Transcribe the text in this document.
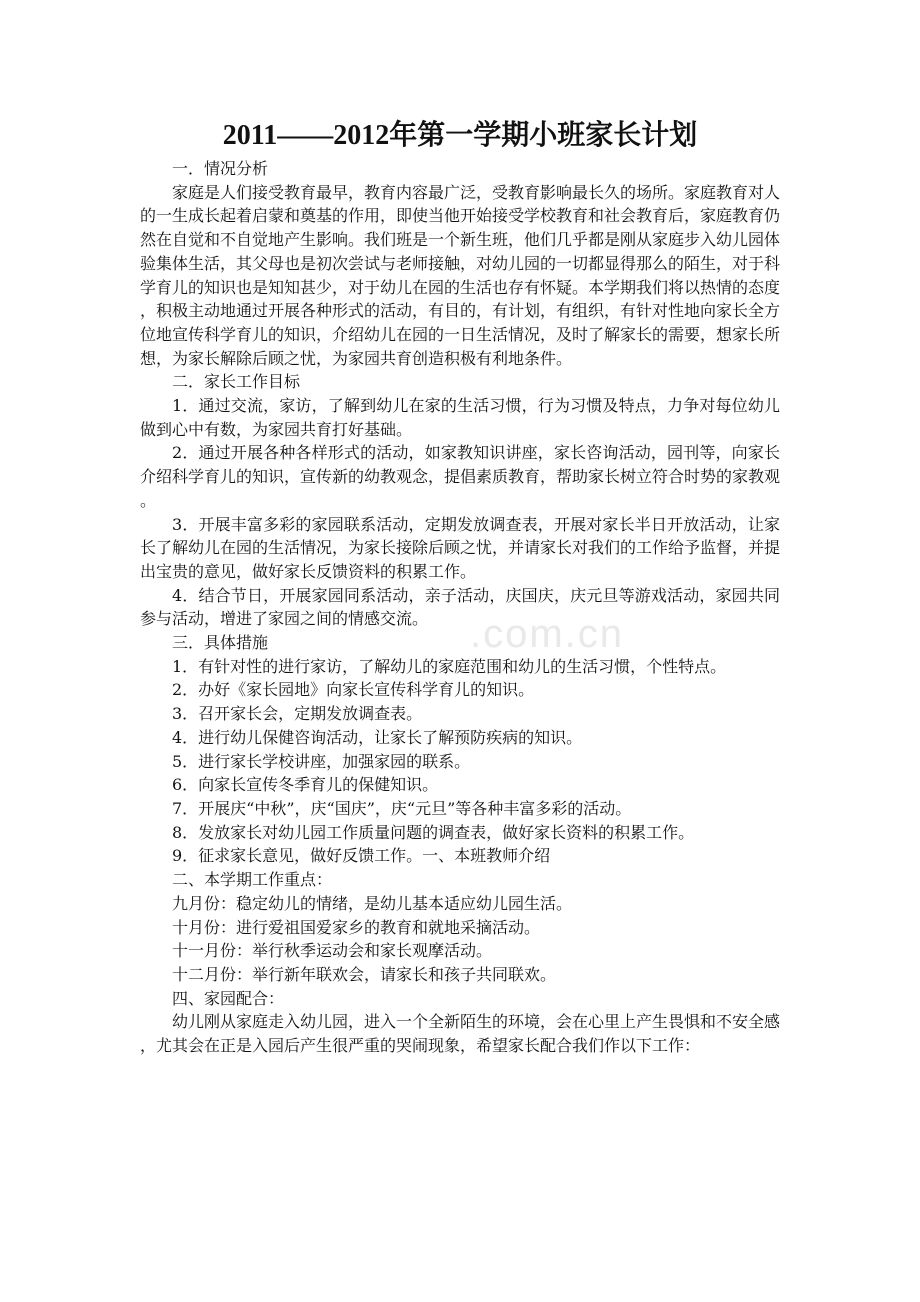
.com.cn
2011——2012年第一学期小班家长计划

一．情况分析

家庭是人们接受教育最早，教育内容最广泛，受教育影响最长久的场所。家庭教育对人的一生成长起着启蒙和奠基的作用，即使当他开始接受学校教育和社会教育后，家庭教育仍然在自觉和不自觉地产生影响。我们班是一个新生班，他们几乎都是刚从家庭步入幼儿园体验集体生活，其父母也是初次尝试与老师接触，对幼儿园的一切都显得那么的陌生，对于科学育儿的知识也是知知甚少，对于幼儿在园的生活也存有怀疑。本学期我们将以热情的态度，积极主动地通过开展各种形式的活动，有目的，有计划，有组织，有针对性地向家长全方位地宣传科学育儿的知识，介绍幼儿在园的一日生活情况，及时了解家长的需要，想家长所想，为家长解除后顾之忧，为家园共育创造积极有利地条件。

二．家长工作目标

1．通过交流，家访，了解到幼儿在家的生活习惯，行为习惯及特点，力争对每位幼儿做到心中有数，为家园共育打好基础。

2．通过开展各种各样形式的活动，如家教知识讲座，家长咨询活动，园刊等，向家长介绍科学育儿的知识，宣传新的幼教观念，提倡素质教育，帮助家长树立符合时势的家教观。

3．开展丰富多彩的家园联系活动，定期发放调查表，开展对家长半日开放活动，让家长了解幼儿在园的生活情况，为家长接除后顾之忧，并请家长对我们的工作给予监督，并提出宝贵的意见，做好家长反馈资料的积累工作。

4．结合节日，开展家园同系活动，亲子活动，庆国庆，庆元旦等游戏活动，家园共同参与活动，增进了家园之间的情感交流。

三．具体措施

1．有针对性的进行家访，了解幼儿的家庭范围和幼儿的生活习惯，个性特点。

2．办好《家长园地》向家长宣传科学育儿的知识。

3．召开家长会，定期发放调查表。

4．进行幼儿保健咨询活动，让家长了解预防疾病的知识。

5．进行家长学校讲座，加强家园的联系。

6．向家长宣传冬季育儿的保健知识。

7．开展庆“中秋”，庆“国庆”，庆“元旦”等各种丰富多彩的活动。

8．发放家长对幼儿园工作质量问题的调查表，做好家长资料的积累工作。

9．征求家长意见，做好反馈工作。一、本班教师介绍

二、本学期工作重点：

九月份：稳定幼儿的情绪，是幼儿基本适应幼儿园生活。

十月份：进行爱祖国爱家乡的教育和就地采摘活动。

十一月份：举行秋季运动会和家长观摩活动。

十二月份：举行新年联欢会，请家长和孩子共同联欢。

四、家园配合：

幼儿刚从家庭走入幼儿园，进入一个全新陌生的环境，会在心里上产生畏惧和不安全感，尤其会在正是入园后产生很严重的哭闹现象，希望家长配合我们作以下工作：
